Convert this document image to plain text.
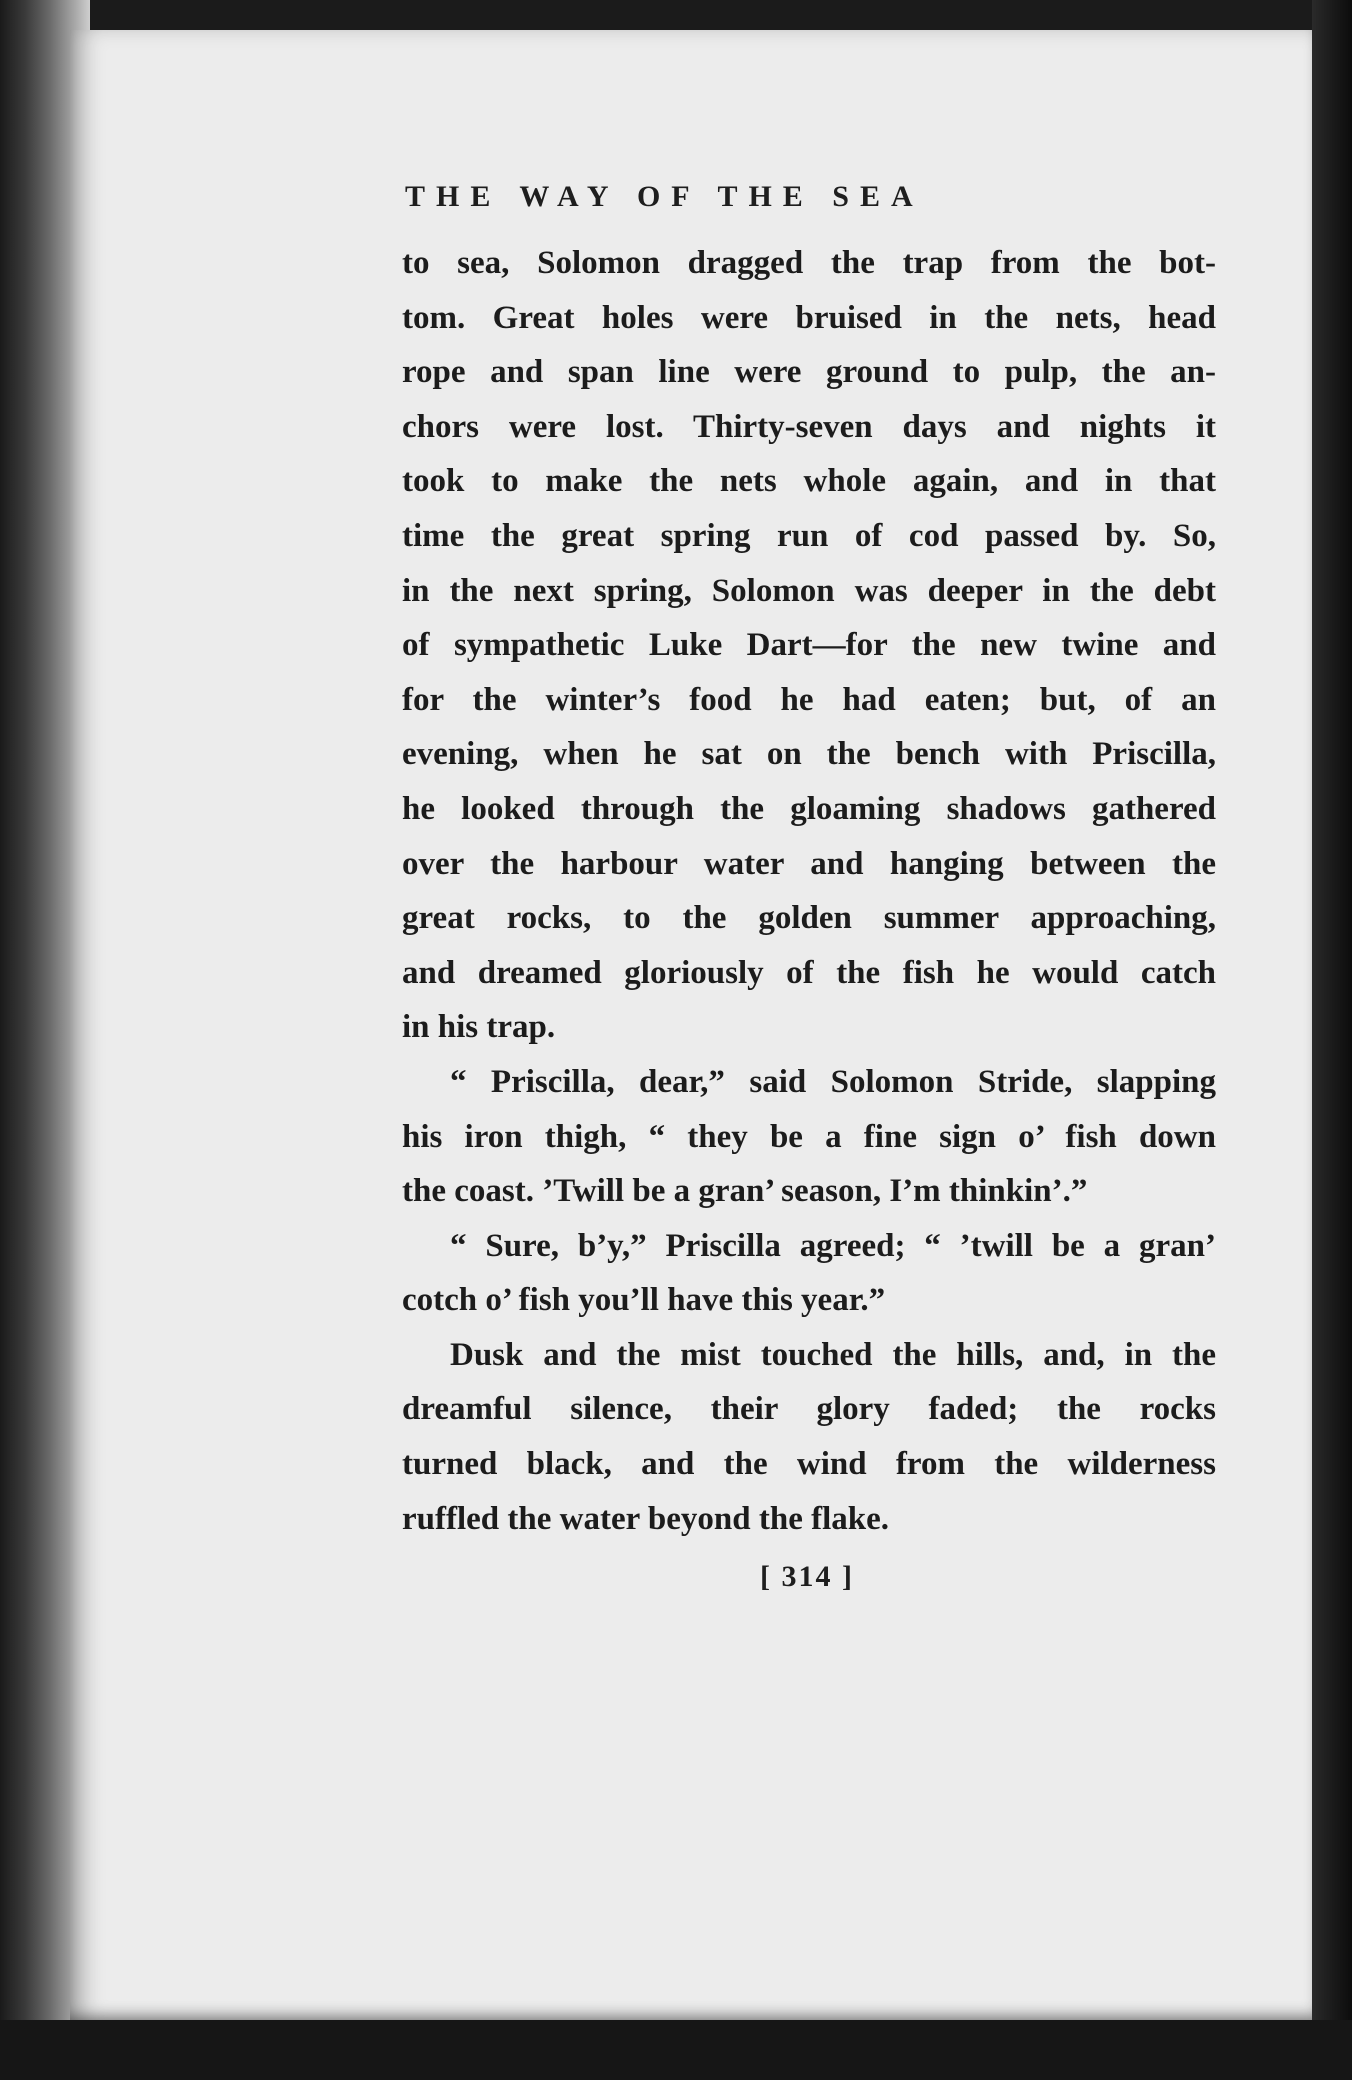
THE WAY OF THE SEA
to sea, Solomon dragged the trap from the bot-
tom. Great holes were bruised in the nets, head
rope and span line were ground to pulp, the an-
chors were lost. Thirty-seven days and nights it
took to make the nets whole again, and in that
time the great spring run of cod passed by. So,
in the next spring, Solomon was deeper in the debt
of sympathetic Luke Dart—for the new twine and
for the winter’s food he had eaten; but, of an
evening, when he sat on the bench with Priscilla,
he looked through the gloaming shadows gathered
over the harbour water and hanging between the
great rocks, to the golden summer approaching,
and dreamed gloriously of the fish he would catch
in his trap.
“ Priscilla, dear,” said Solomon Stride, slapping
his iron thigh, “ they be a fine sign o’ fish down
the coast. ’Twill be a gran’ season, I’m thinkin’.”
“ Sure, b’y,” Priscilla agreed; “ ’twill be a gran’
cotch o’ fish you’ll have this year.”
Dusk and the mist touched the hills, and, in the
dreamful silence, their glory faded; the rocks
turned black, and the wind from the wilderness
ruffled the water beyond the flake.
[ 314 ]
